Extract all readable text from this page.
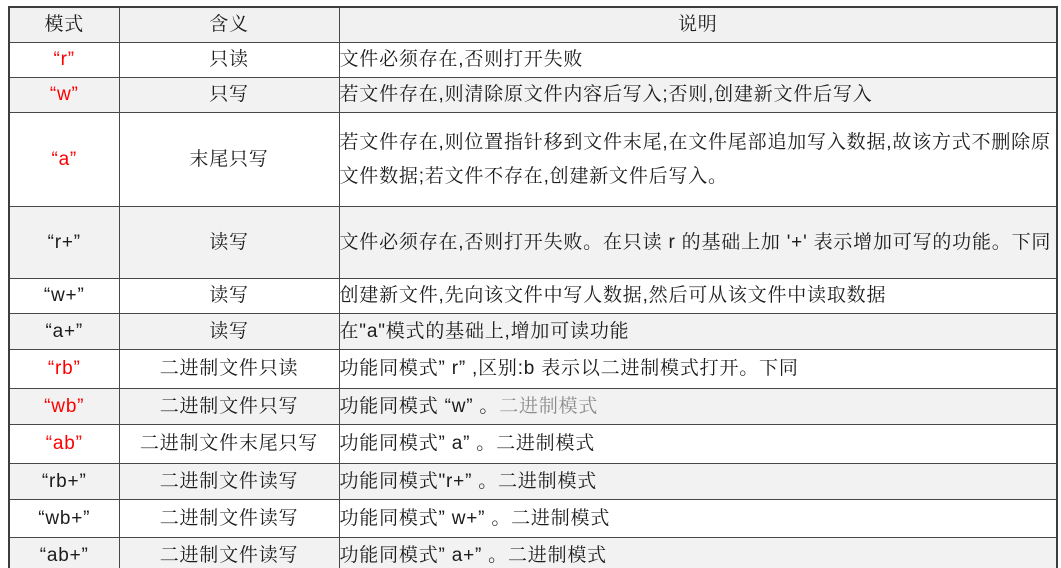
模式	含义	说明
“r”	只读	文件必须存在,否则打开失败
“w”	只写	若文件存在,则清除原文件内容后写入;否则,创建新文件后写入
“a”	末尾只写	若文件存在,则位置指针移到文件末尾,在文件尾部追加写入数据,故该方式不删除原文件数据;若文件不存在,创建新文件后写入。
“r+”	读写	文件必须存在,否则打开失败。在只读 r 的基础上加 '+' 表示增加可写的功能。下同
“w+”	读写	创建新文件,先向该文件中写人数据,然后可从该文件中读取数据
“a+”	读写	在"a"模式的基础上,增加可读功能
“rb”	二进制文件只读	功能同模式” r” ,区别:b 表示以二进制模式打开。下同
“wb”	二进制文件只写	功能同模式 “w” 。二进制模式
“ab”	二进制文件末尾只写	功能同模式” a” 。二进制模式
“rb+”	二进制文件读写	功能同模式"r+” 。二进制模式
“wb+”	二进制文件读写	功能同模式” w+” 。二进制模式
“ab+”	二进制文件读写	功能同模式” a+” 。二进制模式
